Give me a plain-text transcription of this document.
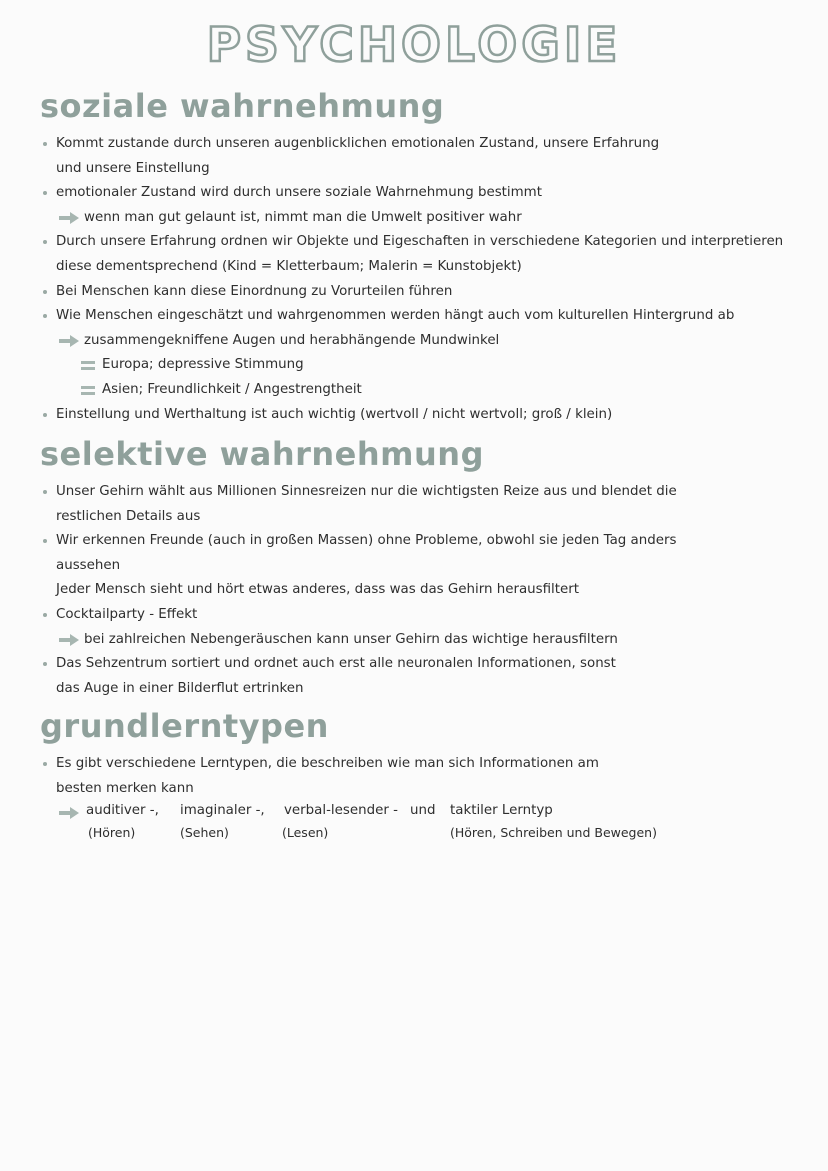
PSYCHOLOGIE
soziale wahrnehmung
Kommt zustande durch unseren augenblicklichen emotionalen Zustand, unsere Erfahrung
und unsere Einstellung
emotionaler Zustand wird durch unsere soziale Wahrnehmung bestimmt
wenn man gut gelaunt ist, nimmt man die Umwelt positiver wahr
Durch unsere Erfahrung ordnen wir Objekte und Eigeschaften in verschiedene Kategorien und interpretieren
diese dementsprechend (Kind = Kletterbaum; Malerin = Kunstobjekt)
Bei Menschen kann diese Einordnung zu Vorurteilen führen
Wie Menschen eingeschätzt und wahrgenommen werden hängt auch vom kulturellen Hintergrund ab
zusammengekniffene Augen und herabhängende Mundwinkel
Europa; depressive Stimmung
Asien; Freundlichkeit / Angestrengtheit
Einstellung und Werthaltung ist auch wichtig (wertvoll / nicht wertvoll; groß / klein)
selektive wahrnehmung
Unser Gehirn wählt aus Millionen Sinnesreizen nur die wichtigsten Reize aus und blendet die
restlichen Details aus
Wir erkennen Freunde (auch in großen Massen) ohne Probleme, obwohl sie jeden Tag anders
aussehen
Jeder Mensch sieht und hört etwas anderes, dass was das Gehirn herausfiltert
Cocktailparty - Effekt
bei zahlreichen Nebengeräuschen kann unser Gehirn das wichtige herausfiltern
Das Sehzentrum sortiert und ordnet auch erst alle neuronalen Informationen, sonst
das Auge in einer Bilderflut ertrinken
grundlerntypen
Es gibt verschiedene Lerntypen, die beschreiben wie man sich Informationen am
besten merken kann
auditiver -,
(Hören)
imaginaler -,
(Sehen)
verbal-lesender -
(Lesen)
und taktiler Lerntyp
(Hören, Schreiben und Bewegen)
